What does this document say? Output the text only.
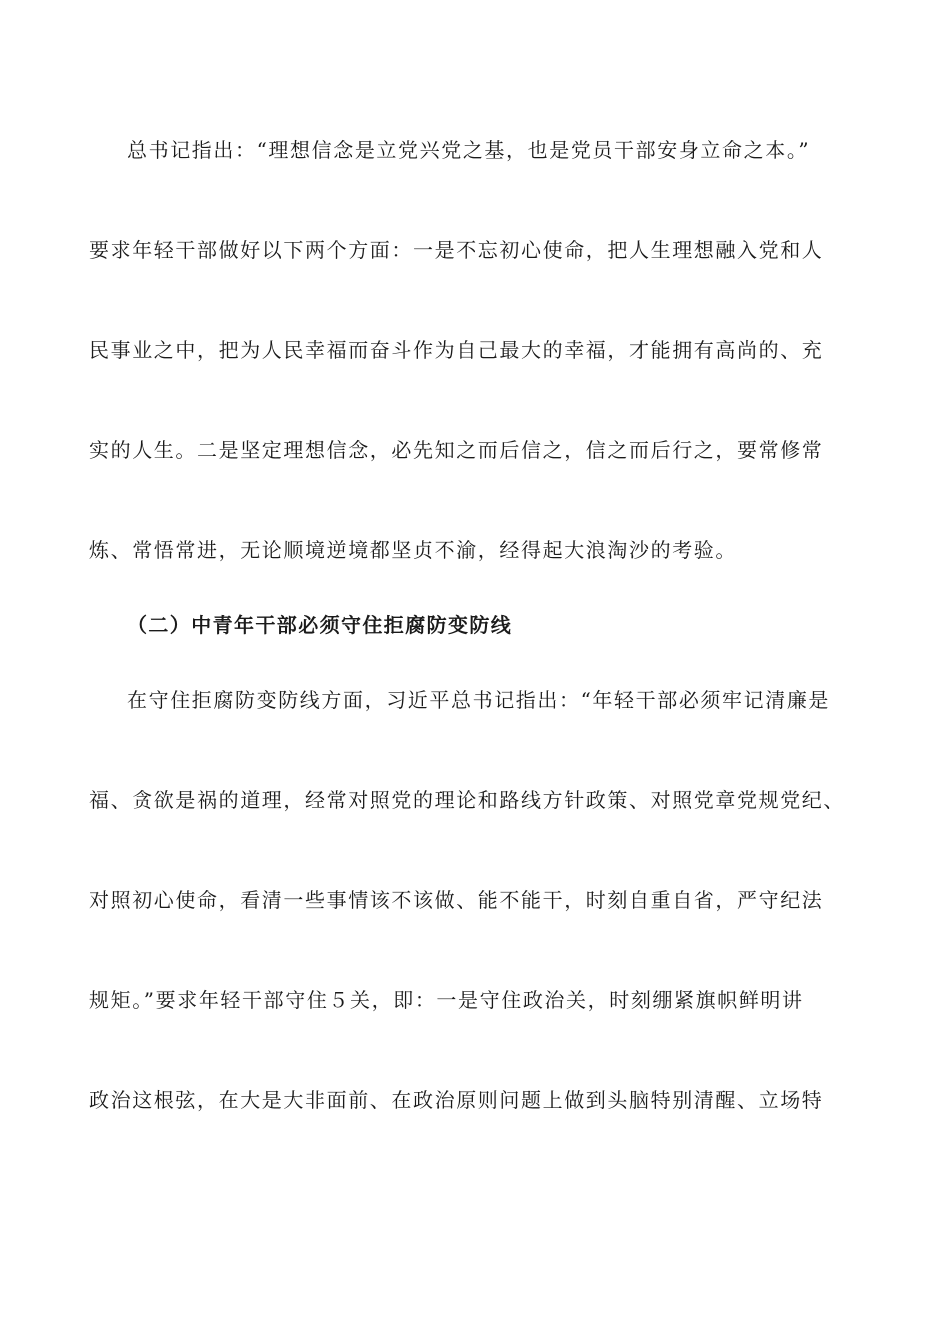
总书记指出：“理想信念是立党兴党之基，也是党员干部安身立命之本。”
要求年轻干部做好以下两个方面：一是不忘初心使命，把人生理想融入党和人
民事业之中，把为人民幸福而奋斗作为自己最大的幸福，才能拥有高尚的、充
实的人生。二是坚定理想信念，必先知之而后信之，信之而后行之，要常修常
炼、常悟常进，无论顺境逆境都坚贞不渝，经得起大浪淘沙的考验。
（二）中青年干部必须守住拒腐防变防线
在守住拒腐防变防线方面，习近平总书记指出：“年轻干部必须牢记清廉是
福、贪欲是祸的道理，经常对照党的理论和路线方针政策、对照党章党规党纪、
对照初心使命，看清一些事情该不该做、能不能干，时刻自重自省，严守纪法
规矩。”要求年轻干部守住５关，即：一是守住政治关，时刻绷紧旗帜鲜明讲
政治这根弦，在大是大非面前、在政治原则问题上做到头脑特别清醒、立场特
